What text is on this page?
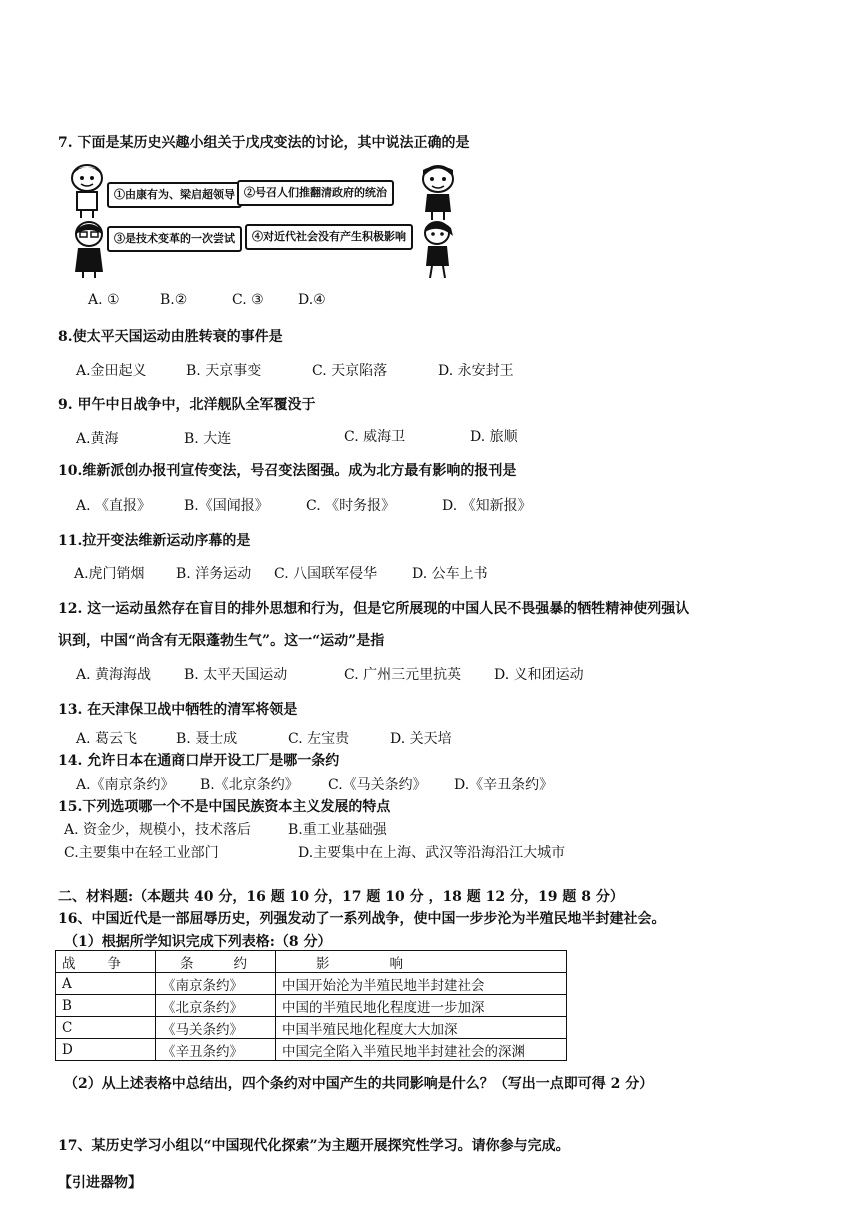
7. 下面是某历史兴趣小组关于戊戌变法的讨论，其中说法正确的是
①由康有为、梁启超领导 ②号召人们推翻清政府的统治
③是技术变革的一次尝试	④对近代社会没有产生积极影响
A. ①	B.②	C. ③ D.④
8.使太平天国运动由胜转衰的事件是
A.金田起义	B. 天京事变	C. 天京陷落	D. 永安封王
9. 甲午中日战争中，北洋舰队全军覆没于
A.黄海	B. 大连	C. 威海卫	D. 旅顺
10.维新派创办报刊宣传变法，号召变法图强。成为北方最有影响的报刊是
A. 《直报》 B.《国闻报》	C. 《时务报》	D. 《知新报》
11.拉开变法维新运动序幕的是
A.虎门销烟 B. 洋务运动 C. 八国联军侵华 D. 公车上书
12. 这一运动虽然存在盲目的排外思想和行为，但是它所展现的中国人民不畏强暴的牺牲精神使列强认
识到，中国“尚含有无限蓬勃生气”。这一“运动”是指
A. 黄海海战 B. 太平天国运动	C. 广州三元里抗英 D. 义和团运动
13. 在天津保卫战中牺牲的清军将领是
A. 葛云飞	B. 聂士成	C. 左宝贵	D. 关天培
14. 允许日本在通商口岸开设工厂是哪一条约
A.《南京条约》 B.《北京条约》 C.《马关条约》 D.《辛丑条约》
15.下列选项哪一个不是中国民族资本主义发展的特点
A. 资金少，规模小，技术落后	B.重工业基础强
C.主要集中在轻工业部门	D.主要集中在上海、武汉等沿海沿江大城市
二、材料题:（本题共 40 分，16 题 10 分，17 题 10 分 ，18 题 12 分，19 题 8 分）
16、中国近代是一部屈辱历史，列强发动了一系列战争，使中国一步步沦为半殖民地半封建社会。
（1）根据所学知识完成下列表格:（8 分）
战 争	条 约	影 响
A	《南京条约》	中国开始沦为半殖民地半封建社会
B	《北京条约》	中国的半殖民地化程度进一步加深
C	《马关条约》	中国半殖民地化程度大大加深
D	《辛丑条约》	中国完全陷入半殖民地半封建社会的深渊
（2）从上述表格中总结出，四个条约对中国产生的共同影响是什么？（写出一点即可得 2 分）
17、某历史学习小组以“中国现代化探索”为主题开展探究性学习。请你参与完成。
【引进器物】
